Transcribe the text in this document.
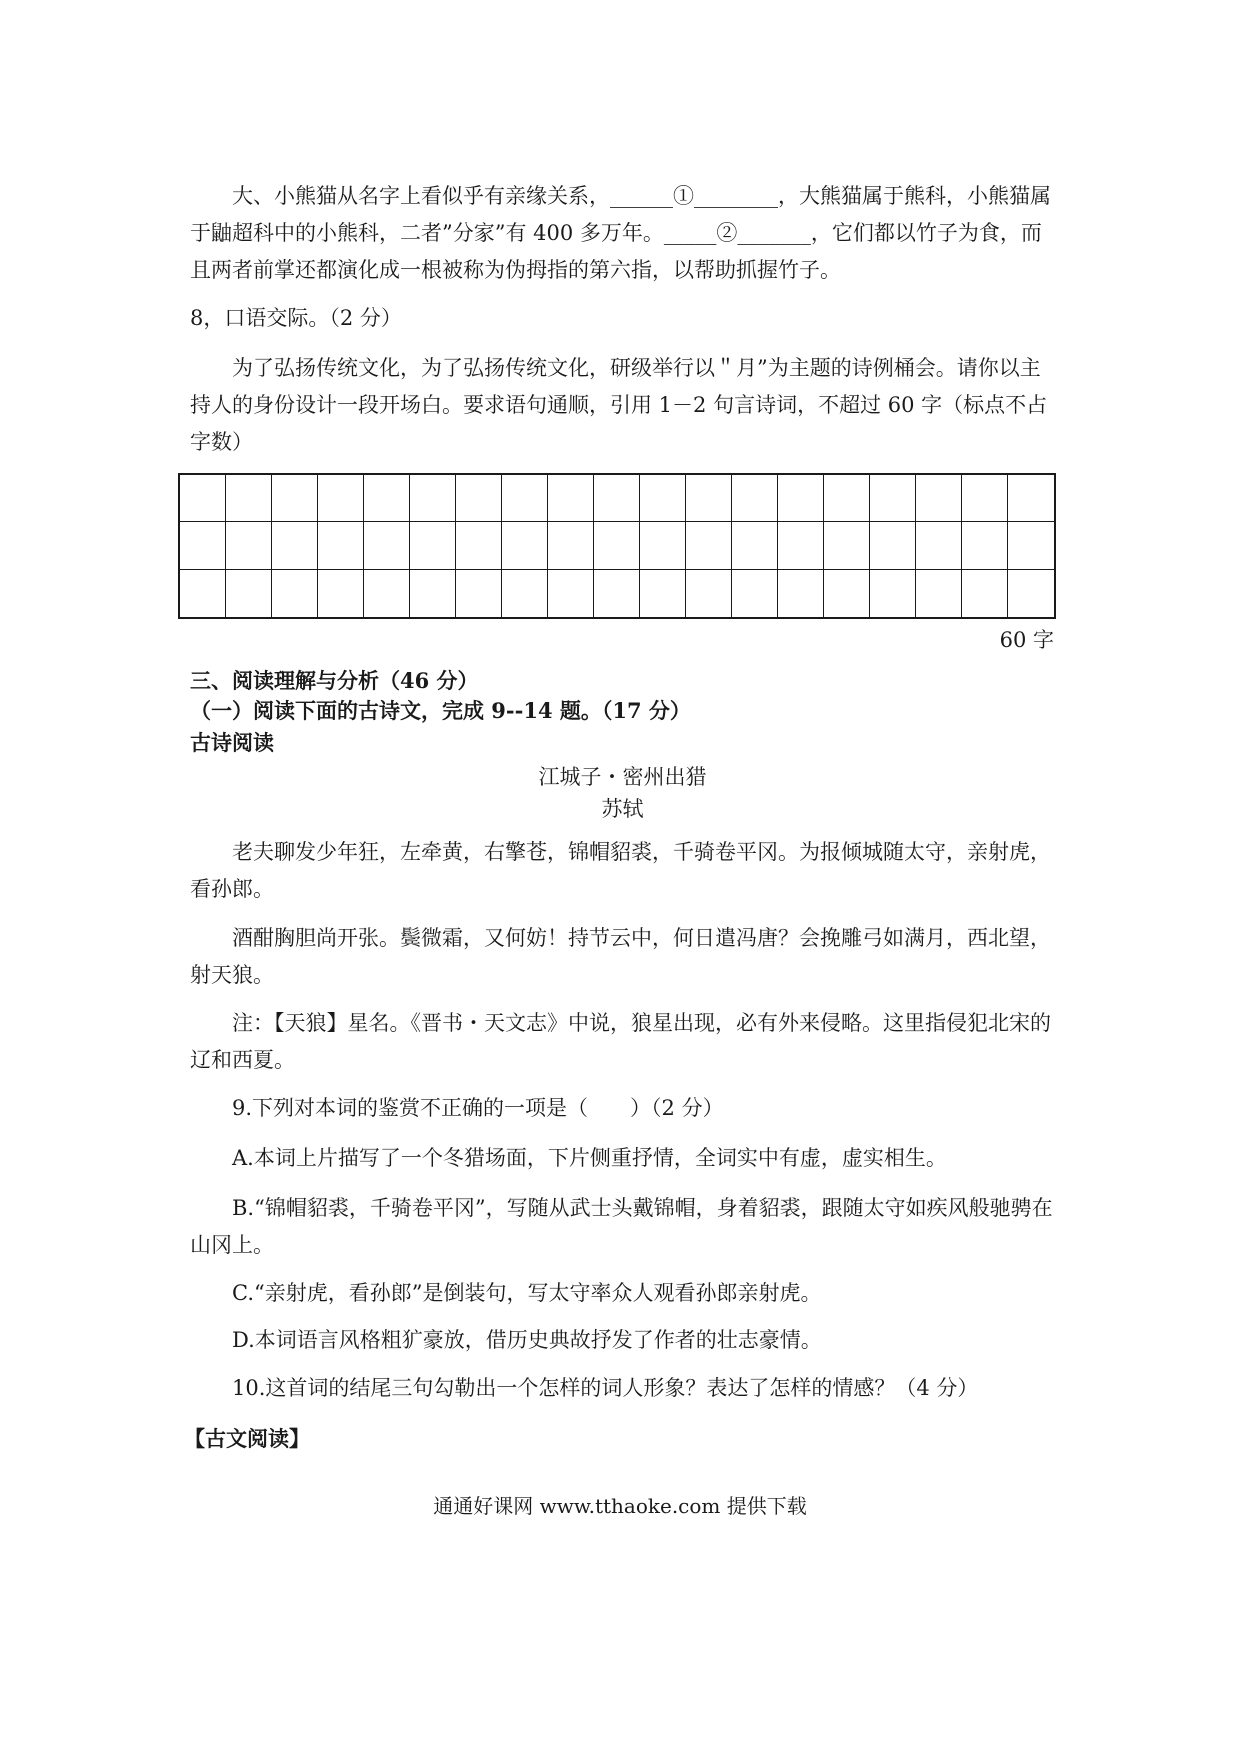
大、小熊猫从名字上看似乎有亲缘关系，______①________，大熊猫属于熊科，小熊猫属于鼬超科中的小熊科，二者”分家”有 400 多万年。_____②_______，它们都以竹子为食，而且两者前掌还都演化成一根被称为伪拇指的第六指，以帮助抓握竹子。

8，口语交际。（2 分）

为了弘扬传统文化，为了弘扬传统文化，研级举行以＂月”为主题的诗例桶会。请你以主持人的身份设计一段开场白。要求语句通顺，引用 1－2 句言诗词，不超过 60 字（标点不占字数）

60 字

三、阅读理解与分析（46 分）

（一）阅读下面的古诗文，完成 9--14 题。（17 分）

古诗阅读

江城子・密州出猎

苏轼

老夫聊发少年狂，左牵黄，右擎苍，锦帽貂裘，千骑卷平冈。为报倾城随太守，亲射虎，看孙郎。

酒酣胸胆尚开张。鬓微霜，又何妨！持节云中，何日遣冯唐？会挽雕弓如满月，西北望，射天狼。

注：【天狼】星名。《晋书・天文志》中说，狼星出现，必有外来侵略。这里指侵犯北宋的辽和西夏。

9.下列对本词的鉴赏不正确的一项是（　　）（2 分）

A.本词上片描写了一个冬猎场面，下片侧重抒情，全词实中有虚，虚实相生。

B.“锦帽貂裘，千骑卷平冈”，写随从武士头戴锦帽，身着貂裘，跟随太守如疾风般驰骋在山冈上。

C.“亲射虎，看孙郎”是倒装句，写太守率众人观看孙郎亲射虎。

D.本词语言风格粗犷豪放，借历史典故抒发了作者的壮志豪情。

10.这首词的结尾三句勾勒出一个怎样的词人形象？表达了怎样的情感？（4 分）

【古文阅读】

通通好课网 www.tthaoke.com 提供下载
